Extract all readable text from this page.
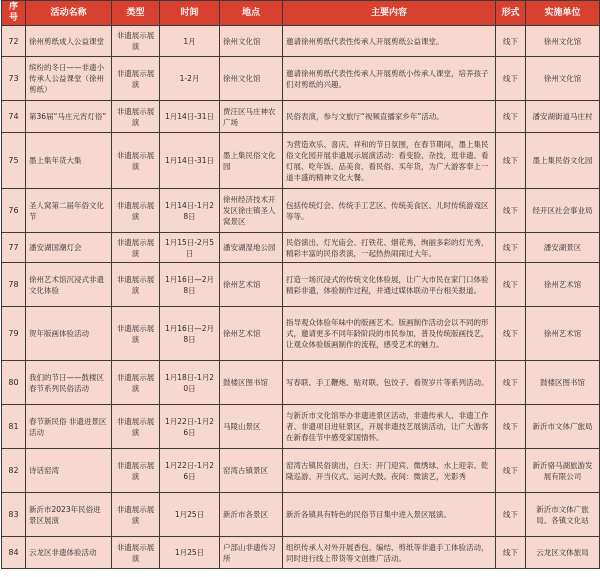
序号	活动名称	类型	时间	地点	主要内容	形式	实施单位
72	徐州剪纸成人公益课堂	非遗展示展演	1月	徐州文化馆	邀请徐州剪纸代表性传承人开展剪纸公益课堂。	线下	徐州文化馆
73	缤纷的冬日——非遗小传承人公益课堂（徐州剪纸）	非遗展示展演	1-2月	徐州文化馆	邀请徐州剪纸代表性传承人开展剪纸小传承人课堂，培养孩子们对剪纸的兴趣。	线下	徐州文化馆
74	第36届“马庄元宵灯俗”	非遗展示展演	1月14日-31日	贾汪区马庄神农广场	民俗表演，参与文旅厅“视频直播家乡年”活动。	线下	潘安湖街道马庄村
75	墨上集年货大集	非遗展示展演	1月14日-31日	墨上集民俗文化园	为营造欢乐、喜庆、祥和的节日氛围，在春节期间，墨上集民俗文化园开展非遗展示展演活动：看变脸、杂技，逛非遗、看灯展、吃年饭、品美食、看民俗、买年货，为广大游客奉上一道丰盛的精神文化大餐。	线下	墨上集民俗文化园
76	圣人窝第二届年俗文化节	非遗展示展演	1月14日-1月28日	徐州经济技术开发区徐庄镇圣人窝景区	包括传统灯会、传统手工艺区、传统美食区、儿时传统游戏区等等。	线下	经开区社会事业局
77	潘安湖国潮灯会	非遗展示展演	1月15日-2月5日	潘安湖湿地公园	民俗演出、灯光庙会、打铁花、烟花秀，绚丽多彩的灯光秀，精彩丰富的民俗表演，一起热热闹闹过大年。	线下	潘安湖景区
78	徐州艺术馆沉浸式非遗文化体验	非遗展示展演	1月16日—2月8日	徐州艺术馆	打造一场沉浸式的传统文化体验展，让广大市民在家门口体验精彩非遗，体验制作过程，并通过媒体联动平台相关报道。	线下	徐州艺术馆
79	贺年版画体验活动	非遗展示展演	1月16日—2月8日	徐州艺术馆	指导观众体验年味中的版画艺术。版画制作活动会以不同的形式，邀请更多不同年龄阶段的市民参加，普及传统版画技艺，让观众体验版画制作的流程，感受艺术的魅力。	线下	徐州艺术馆
80	我们的节日——鼓楼区春节系列民俗活动	非遗展示展演	1月18日-1月20日	鼓楼区图书馆	写春联、手工鞭炮、贴对联、包饺子、看贺岁片等系列活动。	线下	鼓楼区图书馆
81	春节新民俗 非遗进景区活动	非遗展示展演	1月22日-1月26日	马陵山景区	与新沂市文化馆举办非遗进景区活动，非遗传承人、非遗工作者、非遗项目进驻景区，开展非遗技艺展演活动，让广大游客在新春佳节中感受家国情怀。	线下	新沂市文体广旅局
82	诗话窑湾	非遗展示展演	1月22日-1月26日	窑湾古镇景区	窑湾古镇民俗演出，白天：开门迎宾、微绣球、水上迎亲、乾隆巡游、开当仪式、运河大鼓。夜间：微演艺，光影秀	线下	新沂骆马湖旅游发展有限公司
83	新沂市2023年民俗进景区展演	非遗展示展演	1月25日	新沂市各景区	新沂各镇具有特色的民俗节目集中进入景区展演。	线下	新沂市文体广旅局、各镇文化站
84	云龙区非遗体验活动	非遗展示展演	1月25日	户部山非遗传习所	组织传承人对外开展香包、编结、剪纸等非遗手工体验活动，同时进行线上带货等文创推广活动。	线下	云龙区文体旅局
